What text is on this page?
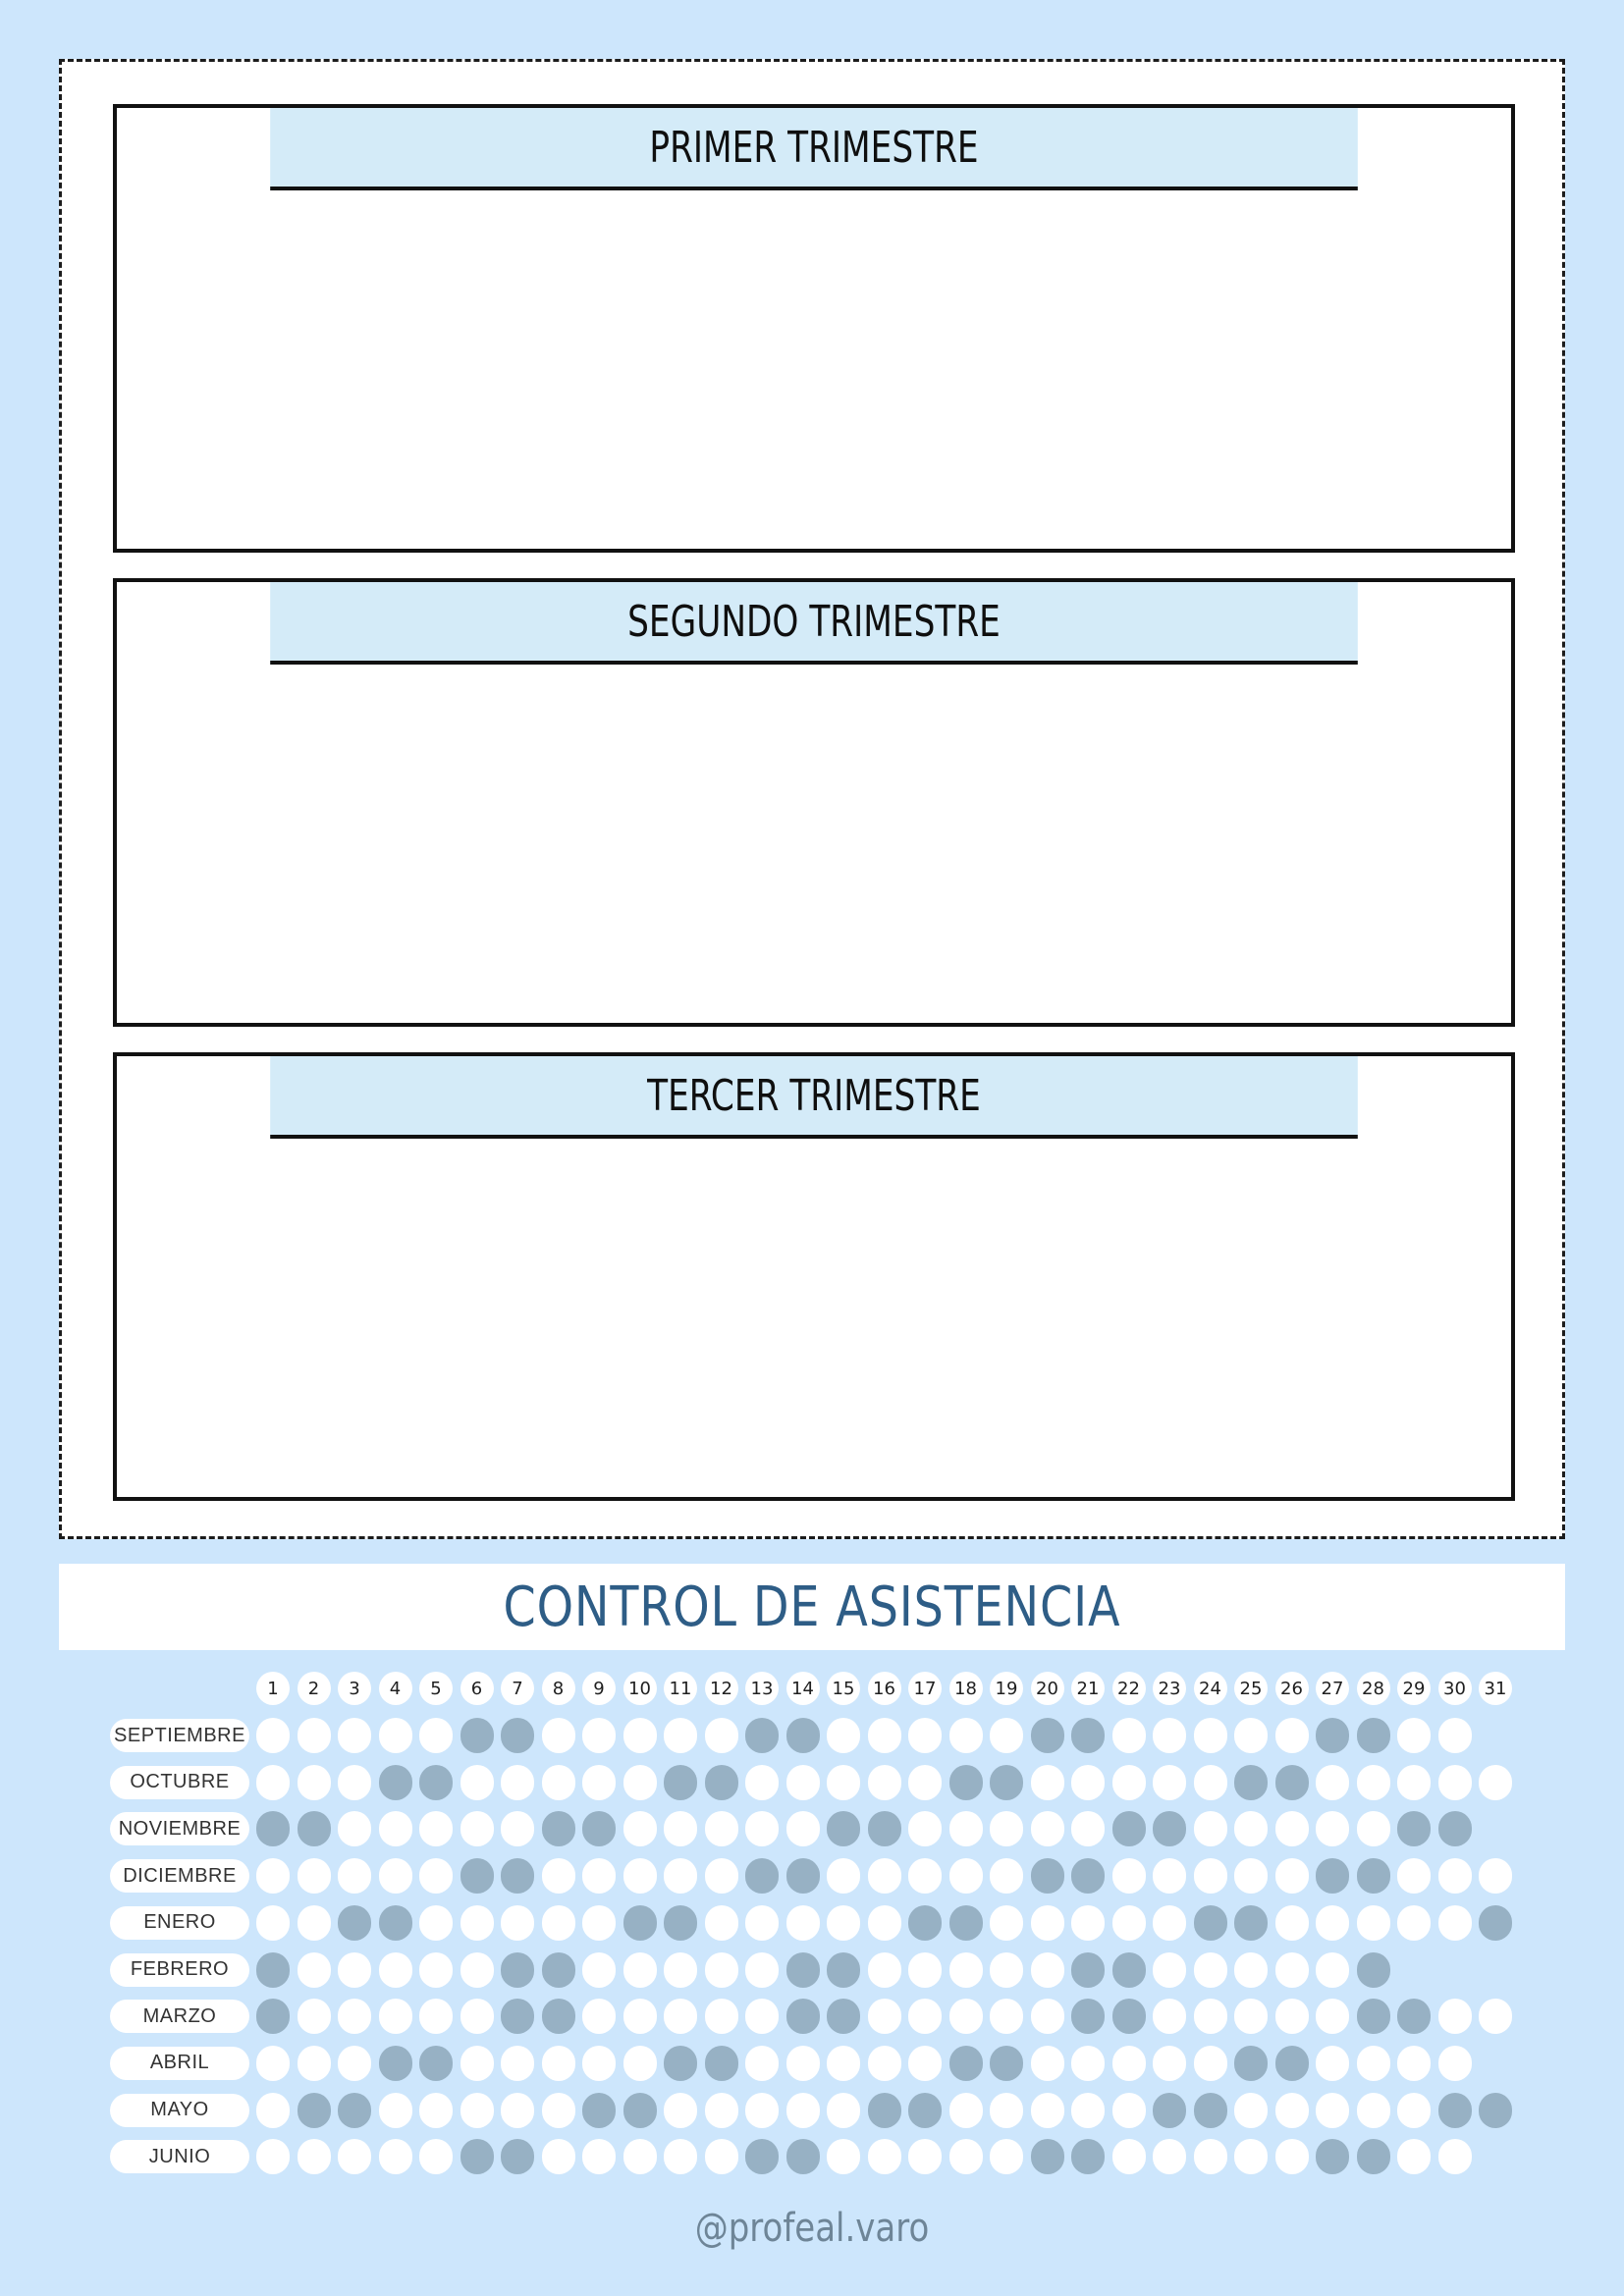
PRIMER TRIMESTRE
SEGUNDO TRIMESTRE
TERCER TRIMESTRE
CONTROL DE ASISTENCIA
1	2	3	4	5	6	7	8	9	10	11	12	13	14	15	16	17	18	19	20	21	22	23	24	25	26	27	28	29	30	31
SEPTIEMBRE
OCTUBRE
NOVIEMBRE
DICIEMBRE
ENERO
FEBRERO
MARZO
ABRIL
MAYO
JUNIO
@profeal.varo
